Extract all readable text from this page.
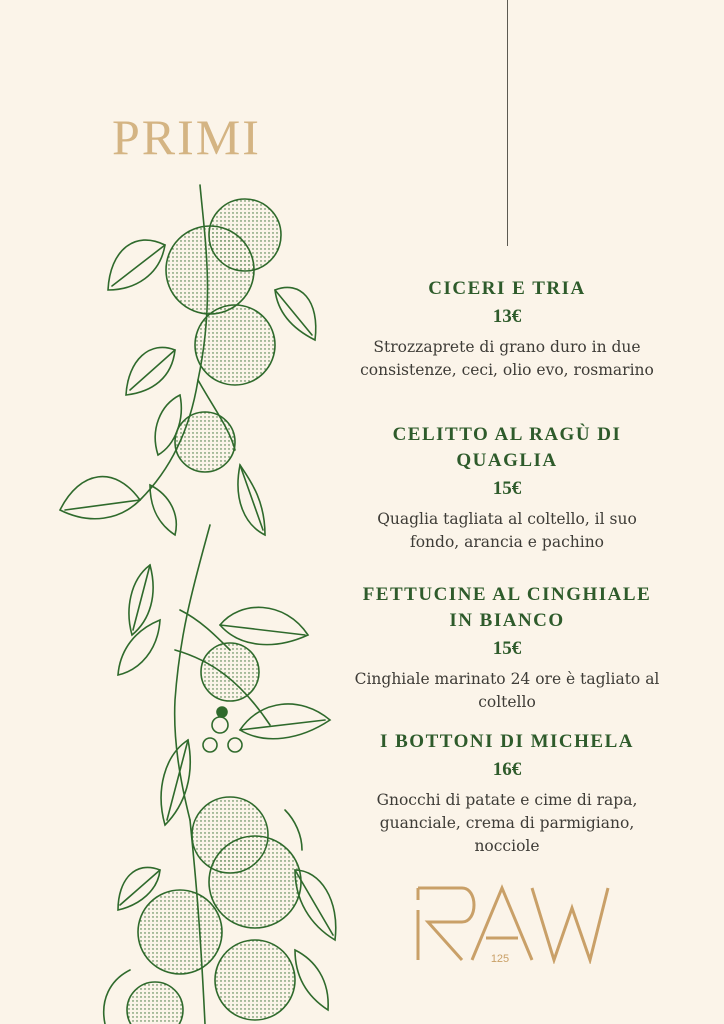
PRIMI
CICERI E TRIA
13€
Strozzaprete di grano duro in due consistenze, ceci, olio evo, rosmarino
CELITTO AL RAGÙ DI QUAGLIA
15€
Quaglia tagliata al coltello, il suo fondo, arancia e pachino
FETTUCINE AL CINGHIALE IN BIANCO
15€
Cinghiale marinato 24 ore è tagliato al coltello
I BOTTONI DI MICHELA
16€
Gnocchi di patate e cime di rapa, guanciale, crema di parmigiano, nocciole
125
